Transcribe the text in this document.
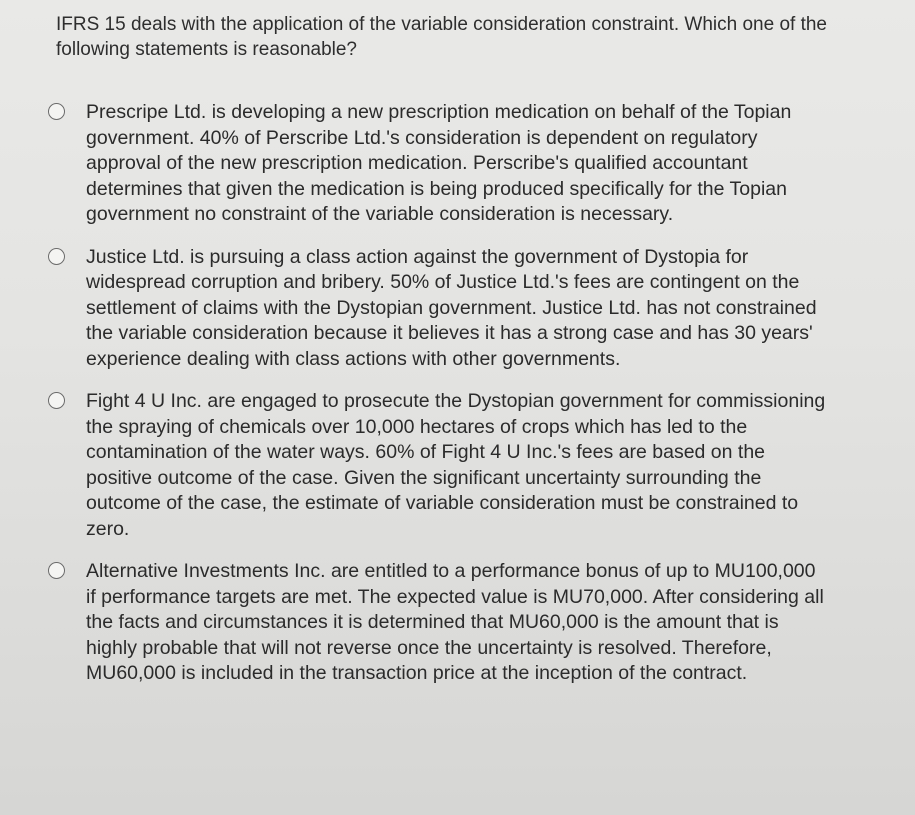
IFRS 15 deals with the application of the variable consideration constraint. Which one of the following statements is reasonable?
Prescripe Ltd. is developing a new prescription medication on behalf of the Topian government. 40% of Perscribe Ltd.'s consideration is dependent on regulatory approval of the new prescription medication. Perscribe's qualified accountant determines that given the medication is being produced specifically for the Topian government no constraint of the variable consideration is necessary.
Justice Ltd. is pursuing a class action against the government of Dystopia for widespread corruption and bribery. 50% of Justice Ltd.'s fees are contingent on the settlement of claims with the Dystopian government. Justice Ltd. has not constrained the variable consideration because it believes it has a strong case and has 30 years' experience dealing with class actions with other governments.
Fight 4 U Inc. are engaged to prosecute the Dystopian government for commissioning the spraying of chemicals over 10,000 hectares of crops which has led to the contamination of the water ways. 60% of Fight 4 U Inc.'s fees are based on the positive outcome of the case. Given the significant uncertainty surrounding the outcome of the case, the estimate of variable consideration must be constrained to zero.
Alternative Investments Inc. are entitled to a performance bonus of up to MU100,000 if performance targets are met. The expected value is MU70,000. After considering all the facts and circumstances it is determined that MU60,000 is the amount that is highly probable that will not reverse once the uncertainty is resolved. Therefore, MU60,000 is included in the transaction price at the inception of the contract.
